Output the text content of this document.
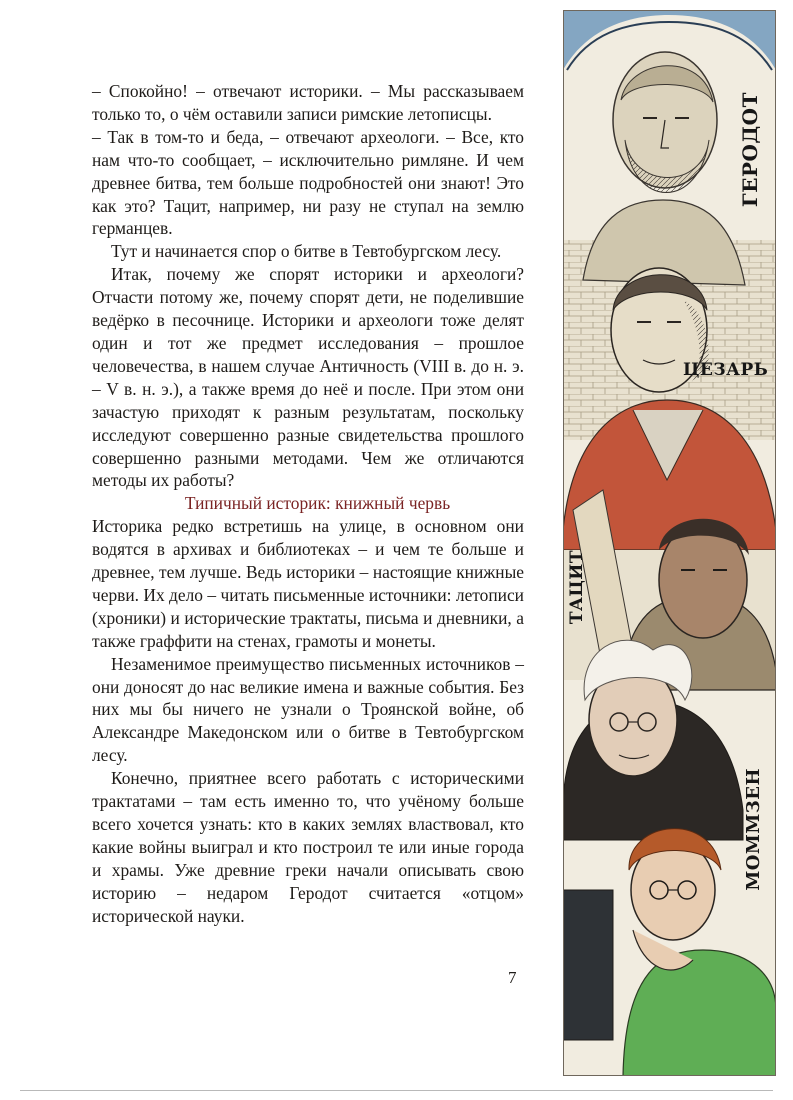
– Спокойно! – отвечают историки. – Мы рассказываем только то, о чём оставили записи римские летописцы.

– Так в том-то и беда, – отвечают археологи. – Все, кто нам что-то сообщает, – исключительно римляне. И чем древнее битва, тем больше подробностей они знают! Это как это? Тацит, например, ни разу не ступал на землю германцев.

Тут и начинается спор о битве в Тевтобургском лесу.

Итак, почему же спорят историки и археологи? Отчасти потому же, почему спорят дети, не поделившие ведёрко в песочнице. Историки и археологи тоже делят один и тот же предмет исследования – прошлое человечества, в нашем случае Античность (VIII в. до н. э. – V в. н. э.), а также время до неё и после. При этом они зачастую приходят к разным результатам, поскольку исследуют совершенно разные свидетельства прошлого совершенно разными методами. Чем же отличаются методы их работы?

Типичный историк: книжный червь

Историка редко встретишь на улице, в основном они водятся в архивах и библиотеках – и чем те больше и древнее, тем лучше. Ведь историки – настоящие книжные черви. Их дело – читать письменные источники: летописи (хроники) и исторические трактаты, письма и дневники, а также граффити на стенах, грамоты и монеты.

Незаменимое преимущество письменных источников – они доносят до нас великие имена и важные события. Без них мы бы ничего не узнали о Троянской войне, об Александре Македонском или о битве в Тевтобургском лесу.

Конечно, приятнее всего работать с историческими трактатами – там есть именно то, что учёному больше всего хочется узнать: кто в каких землях властвовал, кто какие войны выиграл и кто построил те или иные города и храмы. Уже древние греки начали описывать свою историю – недаром Геродот считается «отцом» исторической науки.

7
ГЕРОДОТ
ЦЕЗАРЬ
ТАЦИТ
МОММЗЕН
